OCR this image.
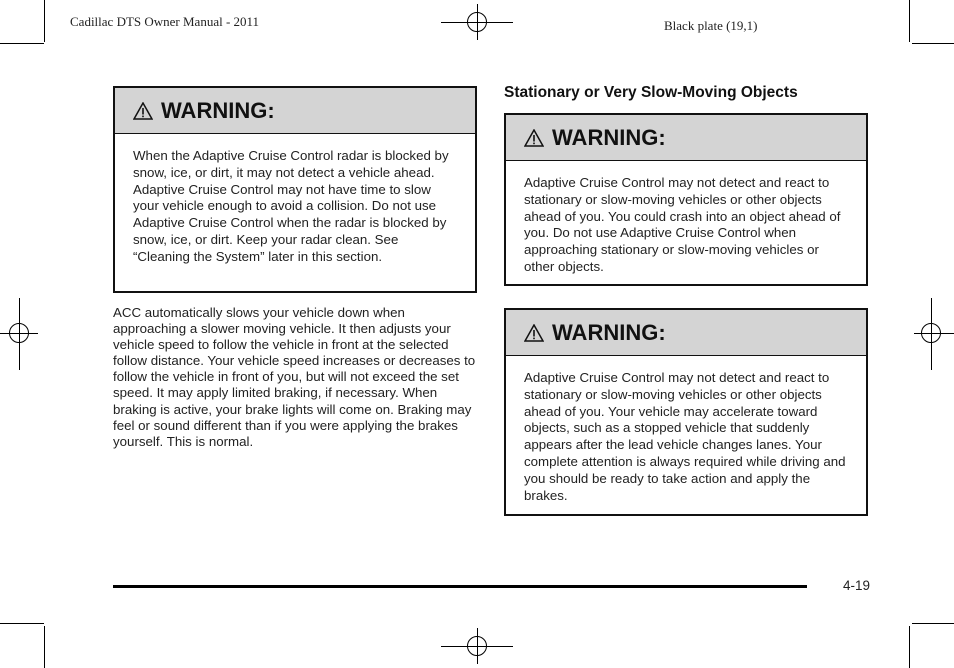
Cadillac DTS Owner Manual - 2011	Black plate (19,1)
WARNING:
When the Adaptive Cruise Control radar is blocked by snow, ice, or dirt, it may not detect a vehicle ahead. Adaptive Cruise Control may not have time to slow your vehicle enough to avoid a collision. Do not use Adaptive Cruise Control when the radar is blocked by snow, ice, or dirt. Keep your radar clean. See “Cleaning the System” later in this section.
ACC automatically slows your vehicle down when approaching a slower moving vehicle. It then adjusts your vehicle speed to follow the vehicle in front at the selected follow distance. Your vehicle speed increases or decreases to follow the vehicle in front of you, but will not exceed the set speed. It may apply limited braking, if necessary. When braking is active, your brake lights will come on. Braking may feel or sound different than if you were applying the brakes yourself. This is normal.
Stationary or Very Slow-Moving Objects
WARNING:
Adaptive Cruise Control may not detect and react to stationary or slow-moving vehicles or other objects ahead of you. You could crash into an object ahead of you. Do not use Adaptive Cruise Control when approaching stationary or slow-moving vehicles or other objects.
WARNING:
Adaptive Cruise Control may not detect and react to stationary or slow-moving vehicles or other objects ahead of you. Your vehicle may accelerate toward objects, such as a stopped vehicle that suddenly appears after the lead vehicle changes lanes. Your complete attention is always required while driving and you should be ready to take action and apply the brakes.
4-19
